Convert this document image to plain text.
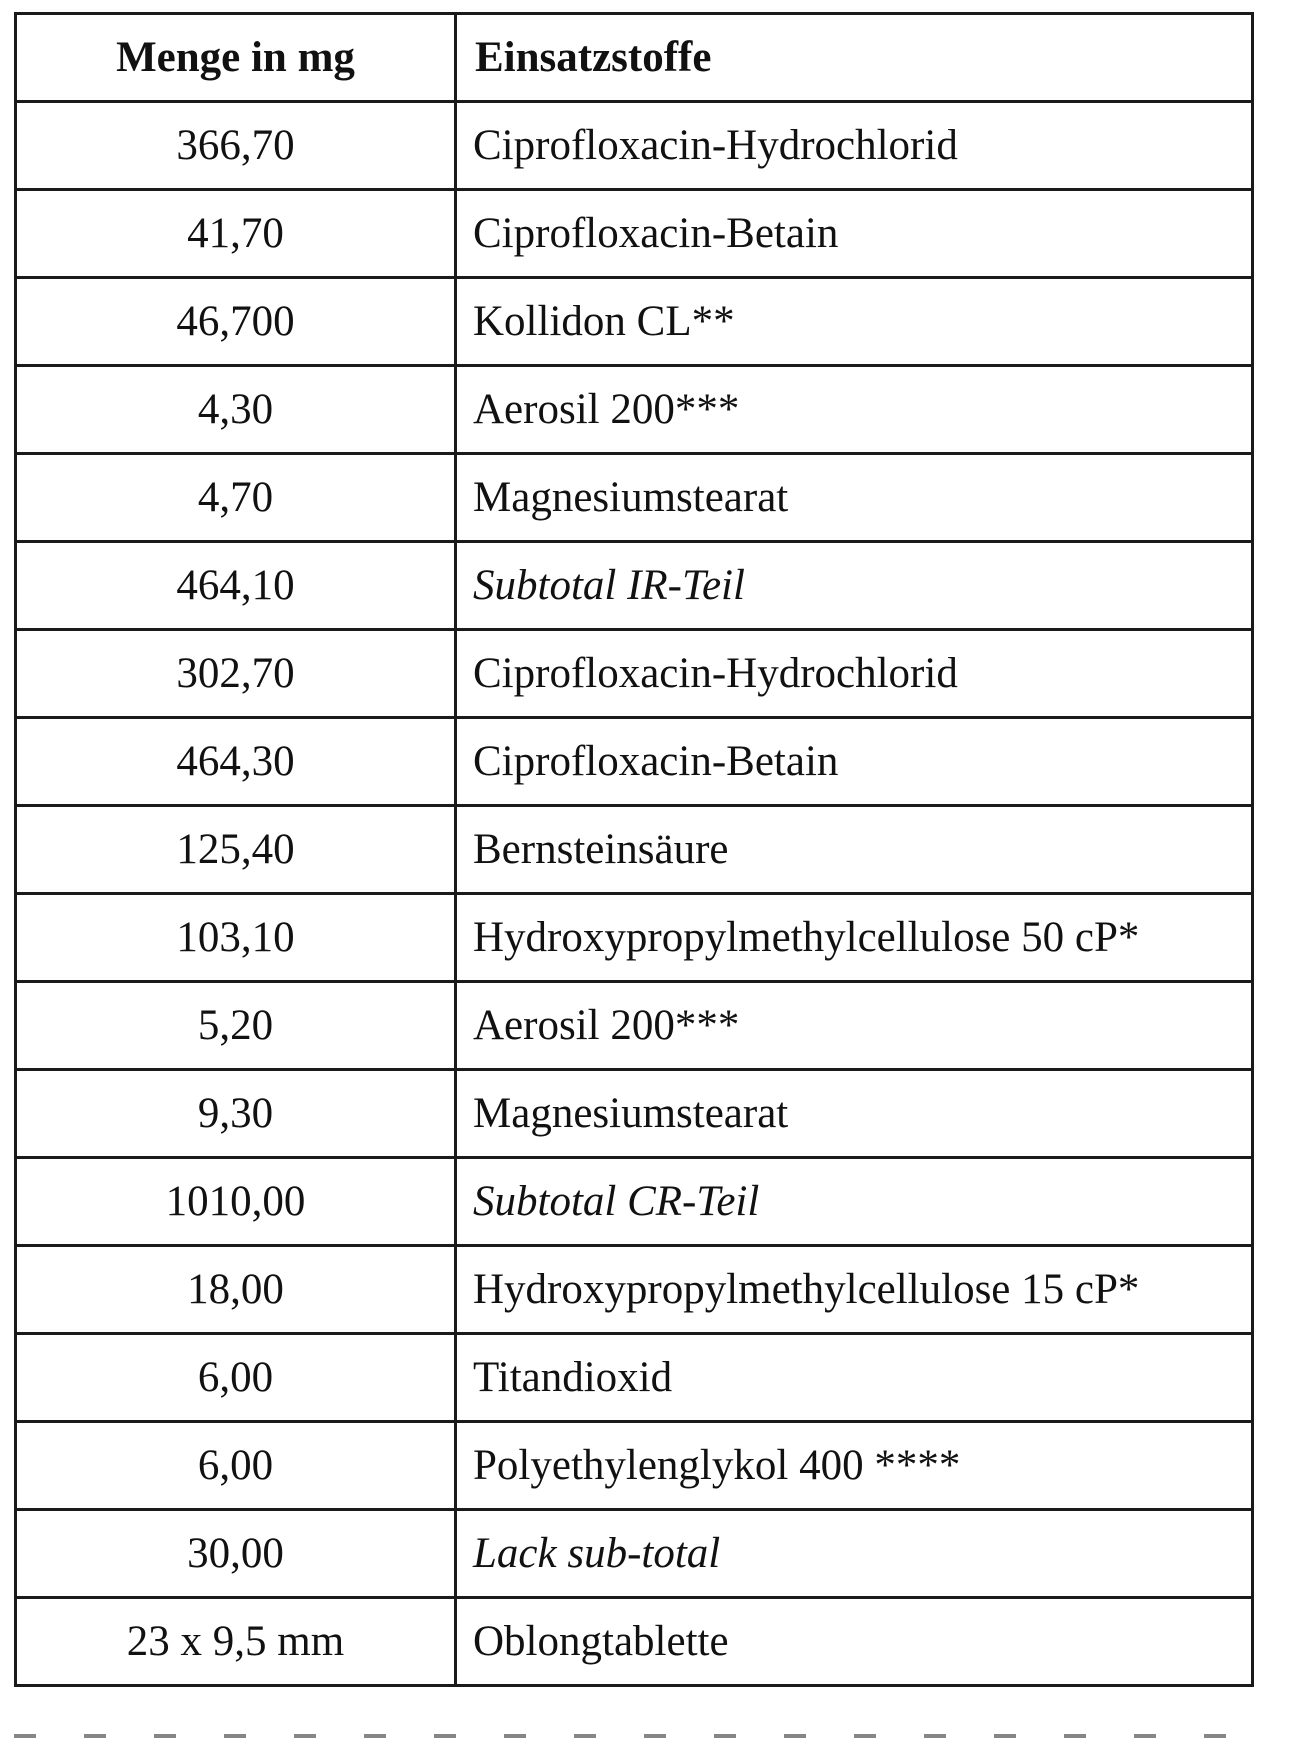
Menge in mg	Einsatzstoffe
366,70	Ciprofloxacin-Hydrochlorid
41,70	Ciprofloxacin-Betain
46,700	Kollidon CL**
4,30	Aerosil 200***
4,70	Magnesiumstearat
464,10	Subtotal IR-Teil
302,70	Ciprofloxacin-Hydrochlorid
464,30	Ciprofloxacin-Betain
125,40	Bernsteinsäure
103,10	Hydroxypropylmethylcellulose 50 cP*
5,20	Aerosil 200***
9,30	Magnesiumstearat
1010,00	Subtotal CR-Teil
18,00	Hydroxypropylmethylcellulose 15 cP*
6,00	Titandioxid
6,00	Polyethylenglykol 400 ****
30,00	Lack sub-total
23 x 9,5 mm	Oblongtablette
